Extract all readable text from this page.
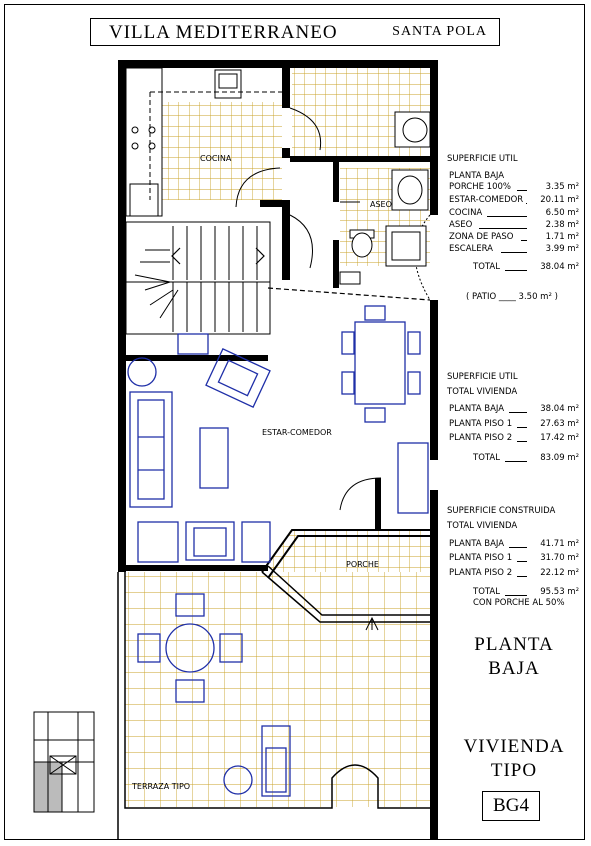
VILLA MEDITERRANEO	SANTA POLA
COCINA
ASEO
ESTAR-COMEDOR
PORCHE
TERRAZA TIPO
SUPERFICIE UTIL
PLANTA BAJA
PORCHE 100%	3.35 m²
ESTAR-COMEDOR 20.11 m²
COCINA	6.50 m²
ASEO	2.38 m²
ZONA DE PASO	1.71 m²
ESCALERA	3.99 m²
TOTAL	38.04 m²
( PATIO ____ 3.50 m² )
SUPERFICIE UTIL
TOTAL VIVIENDA
PLANTA BAJA	38.04 m²
PLANTA PISO 1	27.63 m²
PLANTA PISO 2	17.42 m²
TOTAL	83.09 m²
SUPERFICIE CONSTRUIDA
TOTAL VIVIENDA
PLANTA BAJA	41.71 m²
PLANTA PISO 1	31.70 m²
PLANTA PISO 2	22.12 m²
TOTAL	95.53 m²
CON PORCHE AL 50%
PLANTA
BAJA
VIVIENDA
TIPO
BG4
